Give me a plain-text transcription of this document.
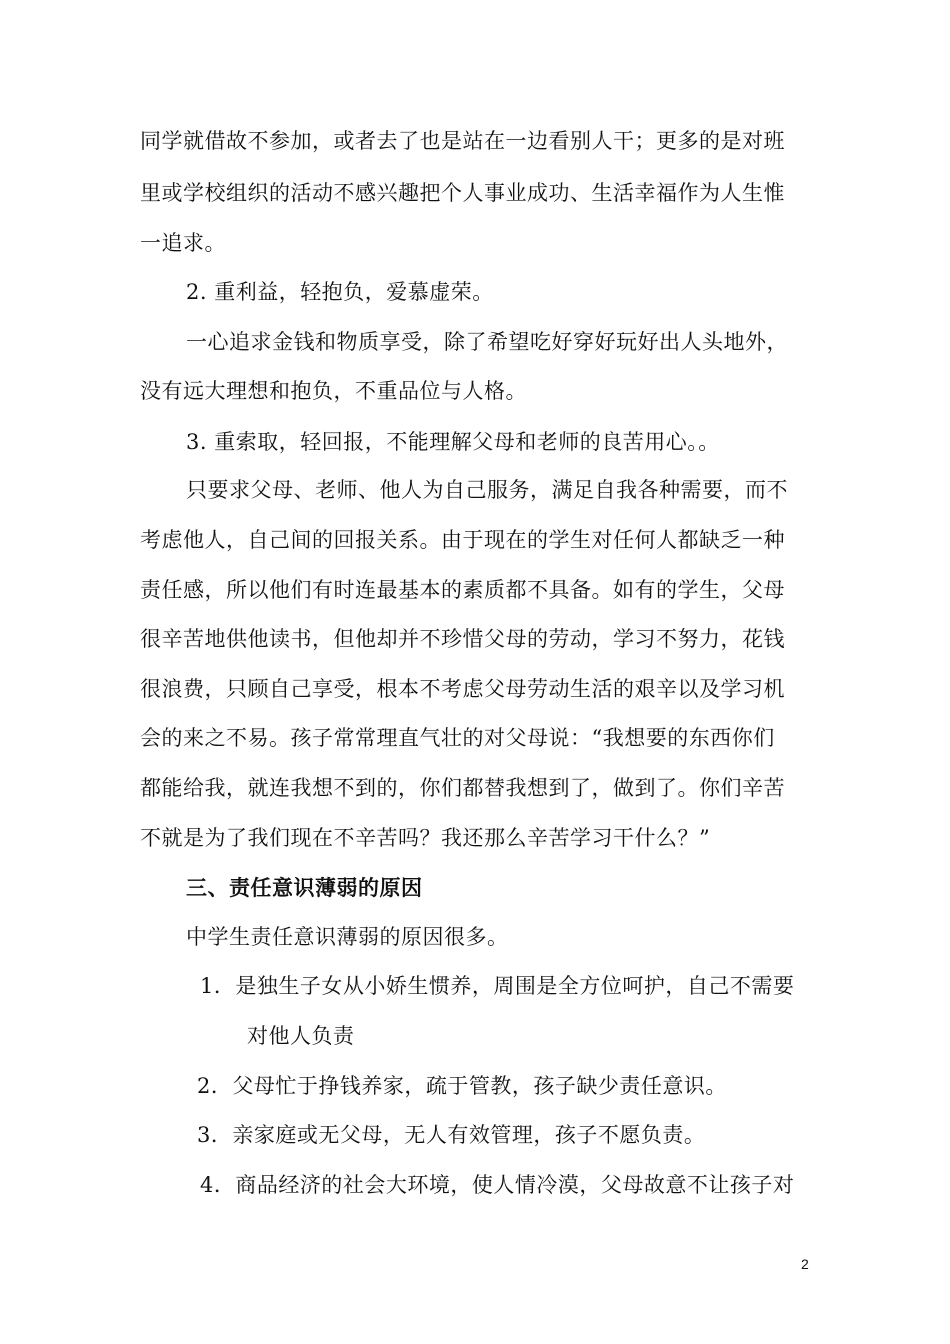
同学就借故不参加，或者去了也是站在一边看别人干；更多的是对班
里或学校组织的活动不感兴趣把个人事业成功、生活幸福作为人生惟
一追求。
2. 重利益，轻抱负，爱慕虚荣。
一心追求金钱和物质享受，除了希望吃好穿好玩好出人头地外，
没有远大理想和抱负，不重品位与人格。
3. 重索取，轻回报，不能理解父母和老师的良苦用心。。
只要求父母、老师、他人为自己服务，满足自我各种需要，而不
考虑他人，自己间的回报关系。由于现在的学生对任何人都缺乏一种
责任感，所以他们有时连最基本的素质都不具备。如有的学生，父母
很辛苦地供他读书，但他却并不珍惜父母的劳动，学习不努力，花钱
很浪费，只顾自己享受，根本不考虑父母劳动生活的艰辛以及学习机
会的来之不易。孩子常常理直气壮的对父母说：“我想要的东西你们
都能给我，就连我想不到的，你们都替我想到了，做到了。你们辛苦
不就是为了我们现在不辛苦吗？我还那么辛苦学习干什么？”
三、责任意识薄弱的原因
中学生责任意识薄弱的原因很多。
1．是独生子女从小娇生惯养，周围是全方位呵护，自己不需要
对他人负责
2．父母忙于挣钱养家，疏于管教，孩子缺少责任意识。
3．亲家庭或无父母，无人有效管理，孩子不愿负责。
4．商品经济的社会大环境，使人情冷漠，父母故意不让孩子对
2
